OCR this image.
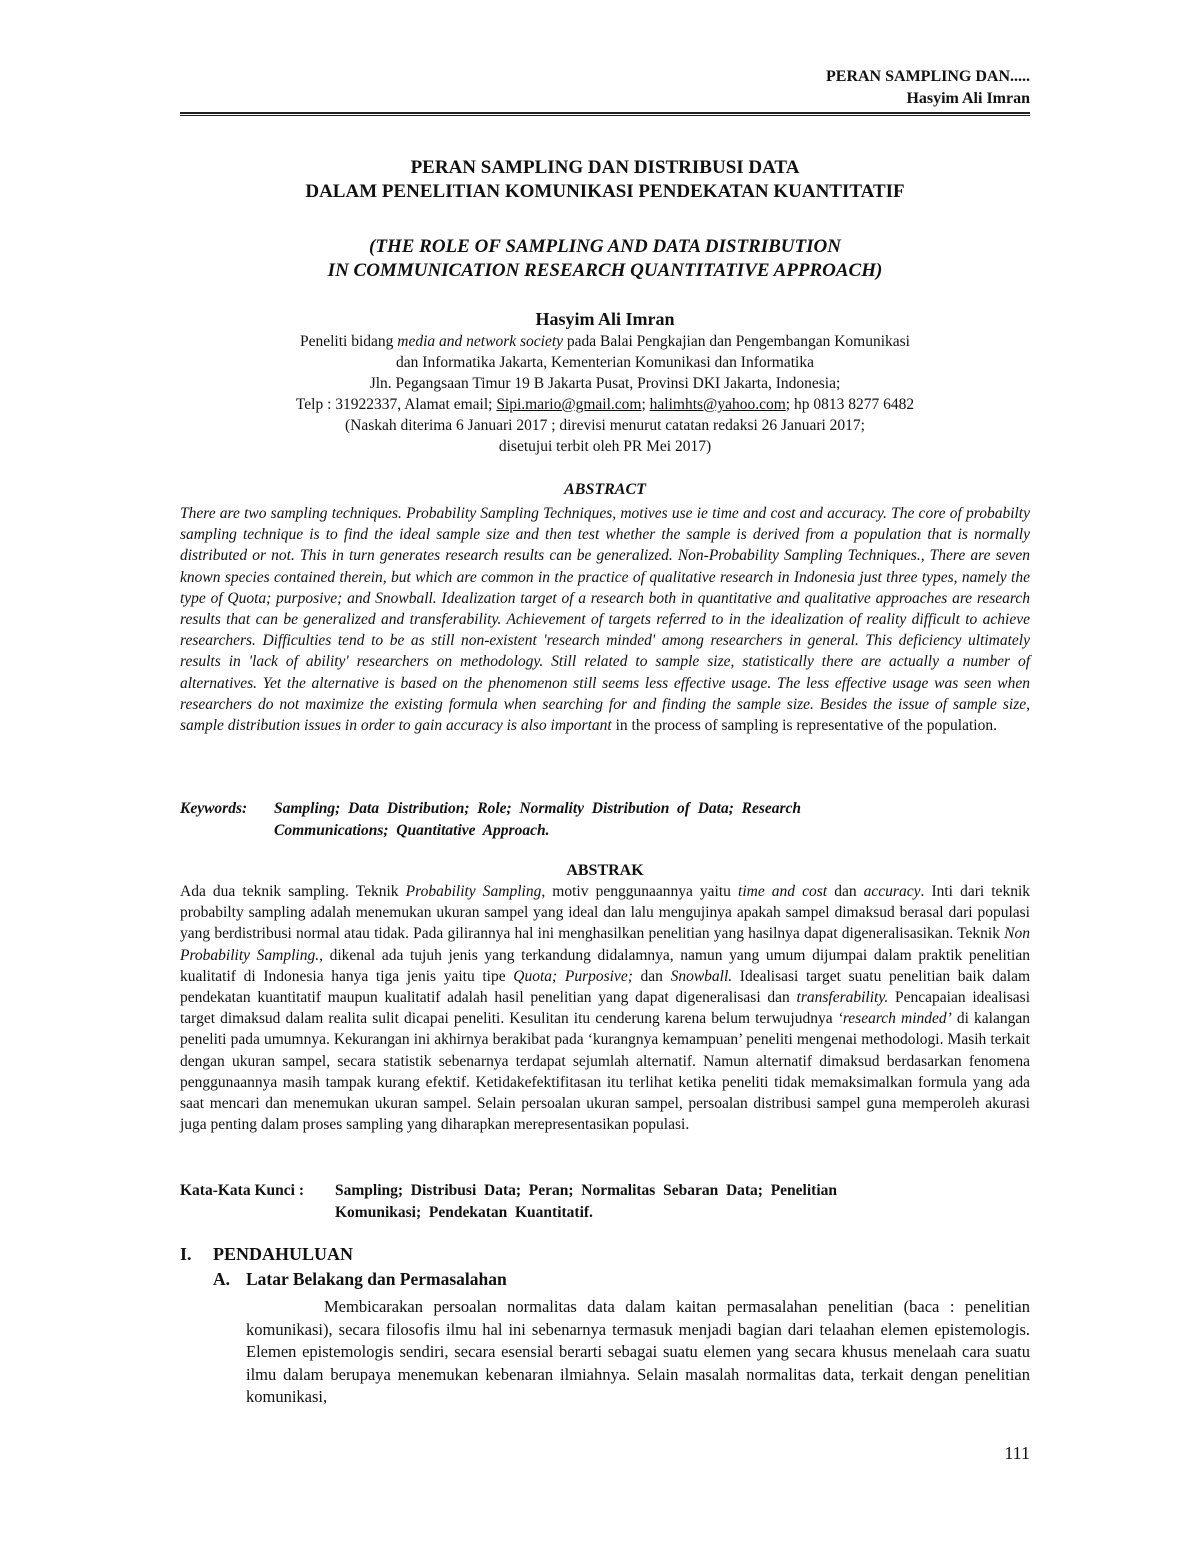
PERAN SAMPLING DAN.....
Hasyim Ali Imran
PERAN SAMPLING DAN DISTRIBUSI DATA
DALAM PENELITIAN KOMUNIKASI PENDEKATAN KUANTITATIF
(THE ROLE OF SAMPLING AND DATA DISTRIBUTION
IN COMMUNICATION RESEARCH QUANTITATIVE APPROACH)
Hasyim Ali Imran

Peneliti bidang media and network society pada Balai Pengkajian dan Pengembangan Komunikasi

dan Informatika Jakarta, Kementerian Komunikasi dan Informatika

Jln. Pegangsaan Timur 19 B Jakarta Pusat, Provinsi DKI Jakarta, Indonesia;

Telp : 31922337, Alamat email; Sipi.mario@gmail.com; halimhts@yahoo.com; hp 0813 8277 6482

(Naskah diterima 6 Januari 2017 ; direvisi menurut catatan redaksi 26 Januari 2017;

disetujui terbit oleh PR Mei 2017)

ABSTRACT

There are two sampling techniques. Probability Sampling Techniques, motives use ie time and cost and accuracy. The core of probabilty sampling technique is to find the ideal sample size and then test whether the sample is derived from a population that is normally distributed or not. This in turn generates research results can be generalized. Non-Probability Sampling Techniques., There are seven known species contained therein, but which are common in the practice of qualitative research in Indonesia just three types, namely the type of Quota; purposive; and Snowball. Idealization target of a research both in quantitative and qualitative approaches are research results that can be generalized and transferability. Achievement of targets referred to in the idealization of reality difficult to achieve researchers. Difficulties tend to be as still non-existent 'research minded' among researchers in general. This deficiency ultimately results in 'lack of ability' researchers on methodology. Still related to sample size, statistically there are actually a number of alternatives. Yet the alternative is based on the phenomenon still seems less effective usage. The less effective usage was seen when researchers do not maximize the existing formula when searching for and finding the sample size. Besides the issue of sample size, sample distribution issues in order to gain accuracy is also important in the process of sampling is representative of the population.

Keywords:	Sampling;  Data  Distribution;  Role;  Normality  Distribution  of  Data;  Research
Communications;  Quantitative  Approach.
ABSTRAK

Ada dua teknik sampling. Teknik Probability Sampling, motiv penggunaannya yaitu time and cost dan accuracy. Inti dari teknik probabilty sampling adalah menemukan ukuran sampel yang ideal dan lalu mengujinya apakah sampel dimaksud berasal dari populasi yang berdistribusi normal atau tidak. Pada gilirannya hal ini menghasilkan penelitian yang hasilnya dapat digeneralisasikan. Teknik Non Probability Sampling., dikenal ada tujuh jenis yang terkandung didalamnya, namun yang umum dijumpai dalam praktik penelitian kualitatif di Indonesia hanya tiga jenis yaitu tipe Quota; Purposive; dan Snowball. Idealisasi target suatu penelitian baik dalam pendekatan kuantitatif maupun kualitatif adalah hasil penelitian yang dapat digeneralisasi dan transferability. Pencapaian idealisasi target dimaksud dalam realita sulit dicapai peneliti. Kesulitan itu cenderung karena belum terwujudnya ‘research minded’ di kalangan peneliti pada umumnya. Kekurangan ini akhirnya berakibat pada ‘kurangnya kemampuan’ peneliti mengenai methodologi. Masih terkait dengan ukuran sampel, secara statistik sebenarnya terdapat sejumlah alternatif. Namun alternatif dimaksud berdasarkan fenomena penggunaannya masih tampak kurang efektif. Ketidakefektifitasan itu terlihat ketika peneliti tidak memaksimalkan formula yang ada saat mencari dan menemukan ukuran sampel. Selain persoalan ukuran sampel, persoalan distribusi sampel guna memperoleh akurasi juga penting dalam proses sampling yang diharapkan merepresentasikan populasi.

Kata-Kata Kunci :	Sampling;  Distribusi  Data;  Peran;  Normalitas  Sebaran  Data;  Penelitian
Komunikasi;  Pendekatan  Kuantitatif.
I. PENDAHULUAN
A. Latar Belakang dan Permasalahan

Membicarakan persoalan normalitas data dalam kaitan permasalahan penelitian (baca : penelitian komunikasi), secara filosofis ilmu hal ini sebenarnya termasuk menjadi bagian dari telaahan elemen epistemologis. Elemen epistemologis sendiri, secara esensial berarti sebagai suatu elemen yang secara khusus menelaah cara suatu ilmu dalam berupaya menemukan kebenaran ilmiahnya. Selain masalah normalitas data, terkait dengan penelitian komunikasi,

111
